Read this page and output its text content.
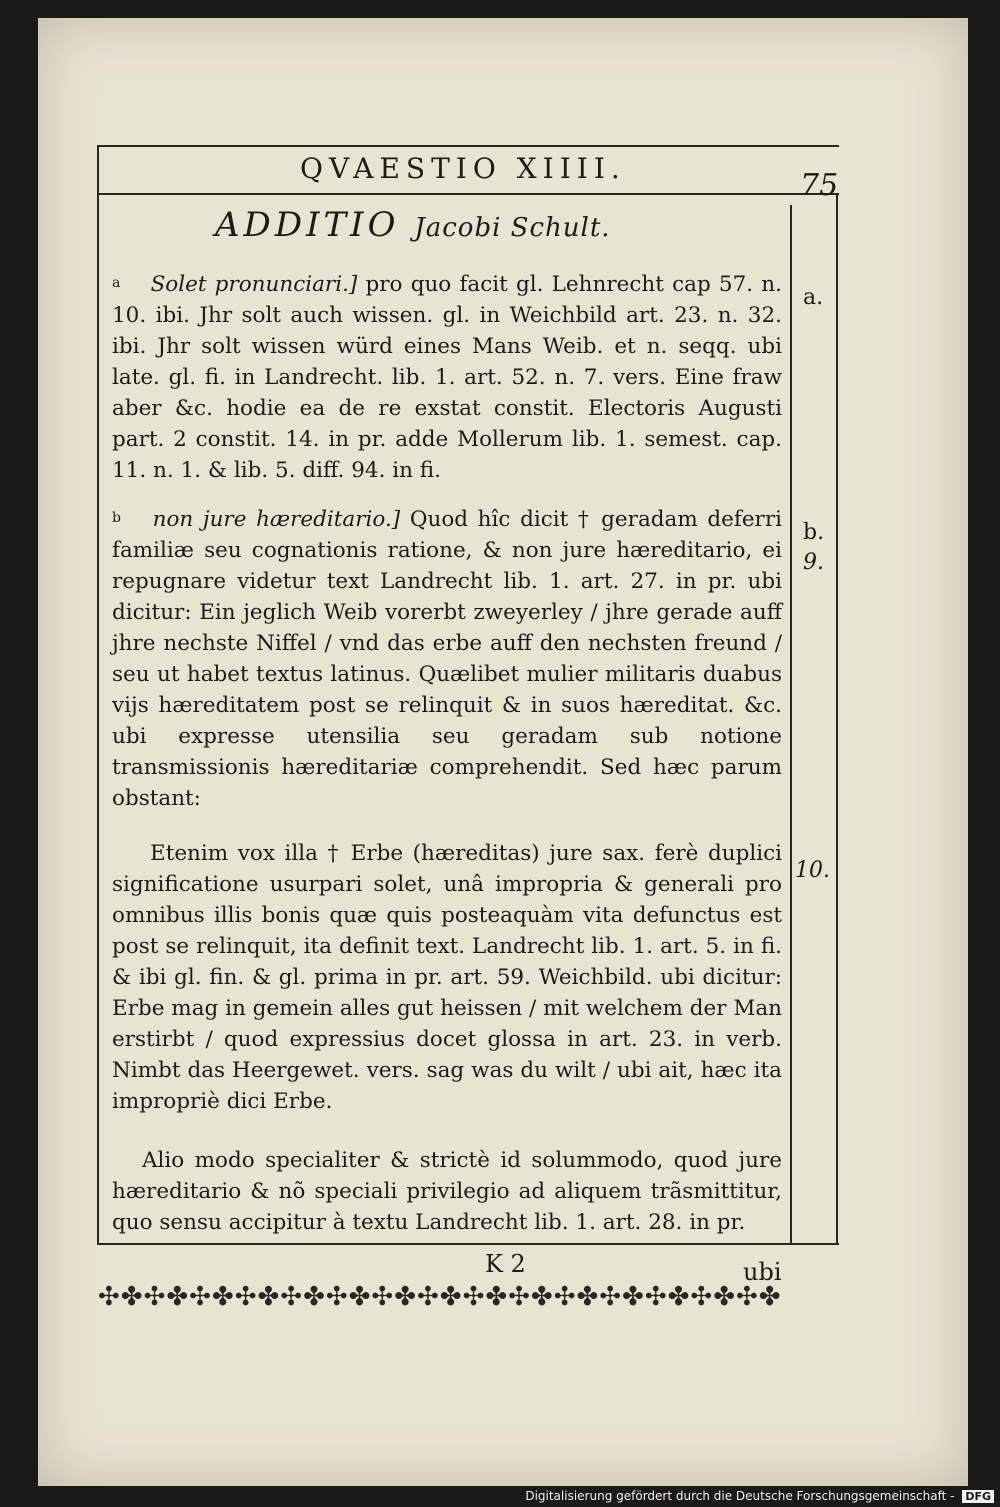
QVAESTIO XIIII.	75
ADDITIO Jacobi Schult.

a Solet pronunciari.] pro quo facit gl. Lehnrecht cap 57. n. 10. ibi. Jhr solt auch wissen. gl. in Weichbild art. 23. n. 32. ibi. Jhr solt wissen würd eines Mans Weib. et n. seqq. ubi late. gl. fi. in Landrecht. lib. 1. art. 52. n. 7. vers. Eine fraw aber &c. hodie ea de re exstat constit. Electoris Augusti part. 2 constit. 14. in pr. adde Mollerum lib. 1. semest. cap. 11. n. 1. & lib. 5. diff. 94. in fi.

a.

b non jure hæreditario.] Quod hîc dicit † geradam deferri familiæ seu cognationis ratione, & non jure hæreditario, ei repugnare videtur text Landrecht lib. 1. art. 27. in pr. ubi dicitur: Ein jeglich Weib vorerbt zweyerley / jhre gerade auff jhre nechste Niffel / vnd das erbe auff den nechsten freund / seu ut habet textus latinus. Quælibet mulier militaris duabus vijs hæreditatem post se relinquit & in suos hæreditat. &c. ubi expresse utensilia seu geradam sub notione transmissionis hæreditariæ comprehendit. Sed hæc parum obstant:

b.
9.

Etenim vox illa † Erbe (hæreditas) jure sax. ferè duplici significatione usurpari solet, unâ impropria & generali pro omnibus illis bonis quæ quis posteaquàm vita defunctus est post se relinquit, ita definit text. Landrecht lib. 1. art. 5. in fi. & ibi gl. fin. & gl. prima in pr. art. 59. Weichbild. ubi dicitur: Erbe mag in gemein alles gut heissen / mit welchem der Man erstirbt / quod expressius docet glossa in art. 23. in verb. Nimbt das Heergewet. vers. sag was du wilt / ubi ait, hæc ita impropriè dici Erbe.

10.

Alio modo specialiter & strictè id solummodo, quod jure hæreditario & nõ speciali privilegio ad aliquem trãsmittitur, quo sensu accipitur à textu Landrecht lib. 1. art. 28. in pr.

K 2	ubi
✣✤✣✤✣✤✣✤✣✤✣✤✣✤✣✤✣✤✣✤✣✤✣✤✣✤✣✤✣✤
Digitalisierung gefördert durch die Deutsche Forschungsgemeinschaft - DFG
